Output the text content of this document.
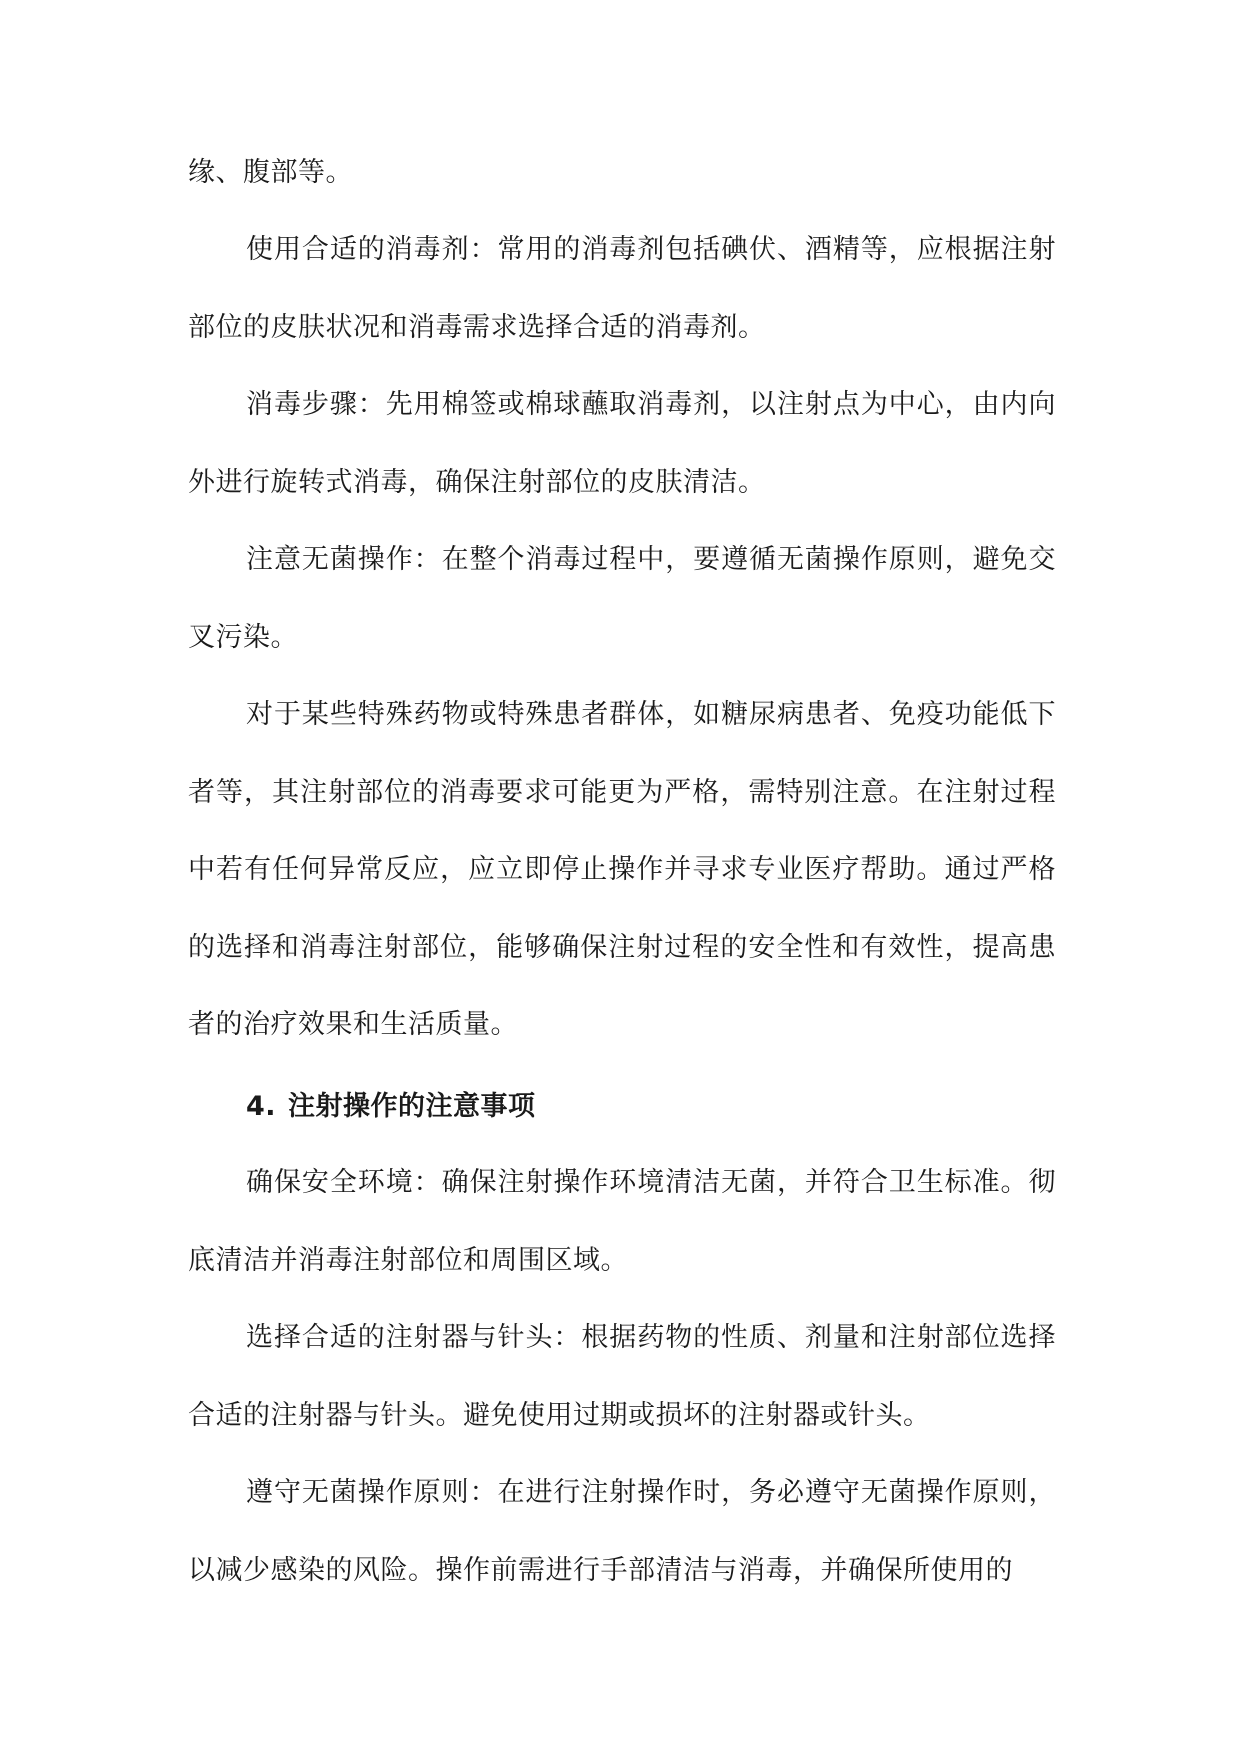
缘、腹部等。

使用合适的消毒剂：常用的消毒剂包括碘伏、酒精等，应根据注射部位的皮肤状况和消毒需求选择合适的消毒剂。

消毒步骤：先用棉签或棉球蘸取消毒剂，以注射点为中心，由内向外进行旋转式消毒，确保注射部位的皮肤清洁。

注意无菌操作：在整个消毒过程中，要遵循无菌操作原则，避免交叉污染。

对于某些特殊药物或特殊患者群体，如糖尿病患者、免疫功能低下者等，其注射部位的消毒要求可能更为严格，需特别注意。在注射过程中若有任何异常反应，应立即停止操作并寻求专业医疗帮助。通过严格的选择和消毒注射部位，能够确保注射过程的安全性和有效性，提高患者的治疗效果和生活质量。

4. 注射操作的注意事项

确保安全环境：确保注射操作环境清洁无菌，并符合卫生标准。彻底清洁并消毒注射部位和周围区域。

选择合适的注射器与针头：根据药物的性质、剂量和注射部位选择合适的注射器与针头。避免使用过期或损坏的注射器或针头。

遵守无菌操作原则：在进行注射操作时，务必遵守无菌操作原则，以减少感染的风险。操作前需进行手部清洁与消毒，并确保所使用的
